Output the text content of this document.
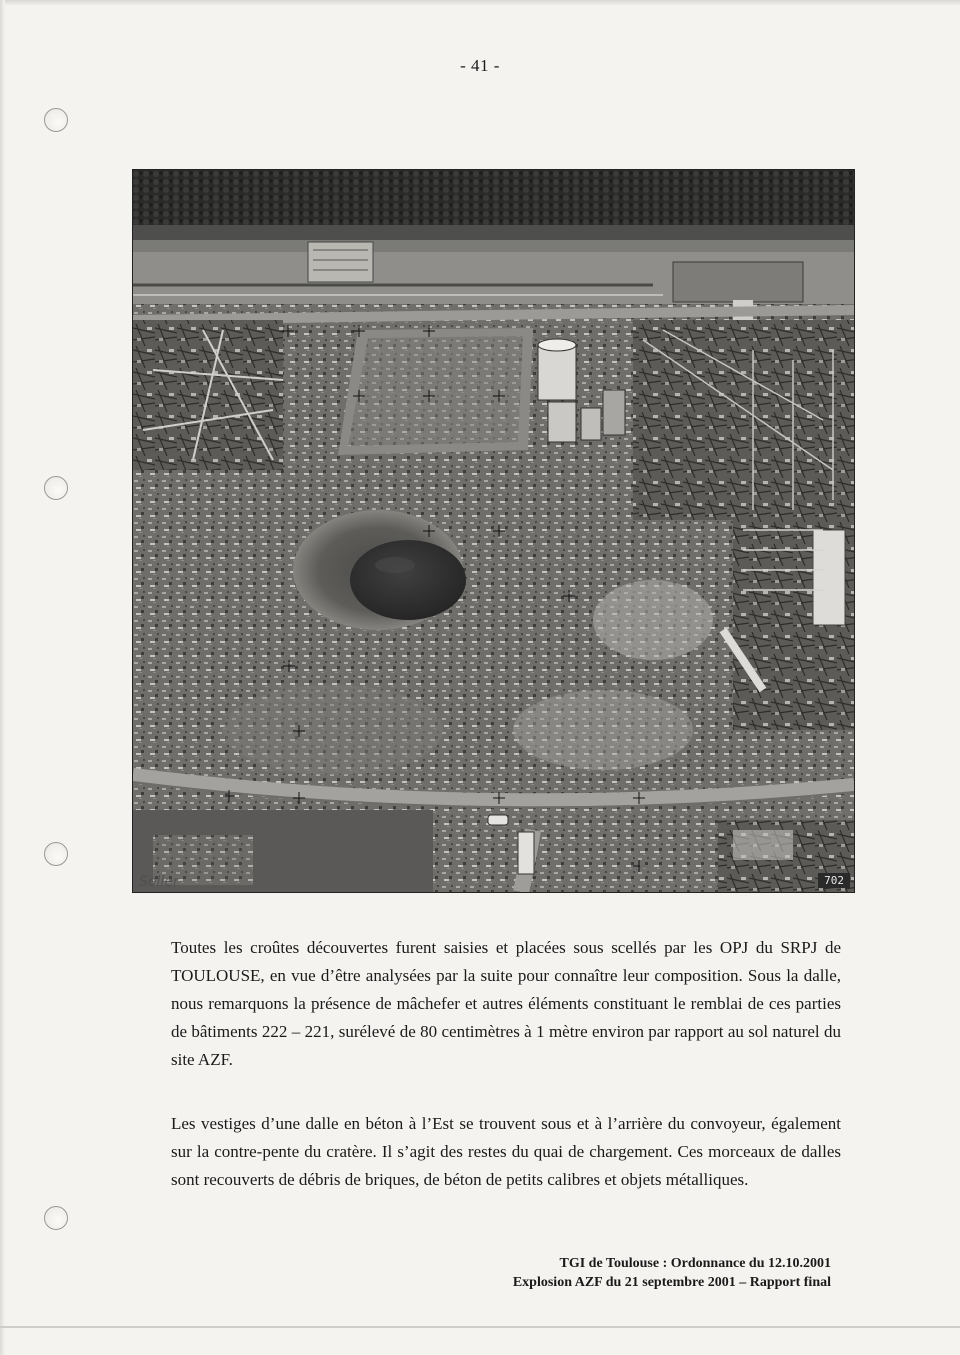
- 41 -
Soller	702

Toutes les croûtes découvertes furent saisies et placées sous scellés par les OPJ du SRPJ de TOULOUSE, en vue d’être analysées par la suite pour connaître leur composition. Sous la dalle, nous remarquons la présence de mâchefer et autres éléments constituant le remblai de ces parties de bâtiments 222 – 221, surélevé de 80 centimètres à 1 mètre environ par rapport au sol naturel du site AZF.

Les vestiges d’une dalle en béton à l’Est se trouvent sous et à l’arrière du convoyeur, également sur la contre-pente du cratère. Il s’agit des restes du quai de chargement. Ces morceaux de dalles sont recouverts de débris de briques, de béton de petits calibres et objets métalliques.

TGI de Toulouse : Ordonnance du 12.10.2001
Explosion AZF du 21 septembre 2001 – Rapport final
